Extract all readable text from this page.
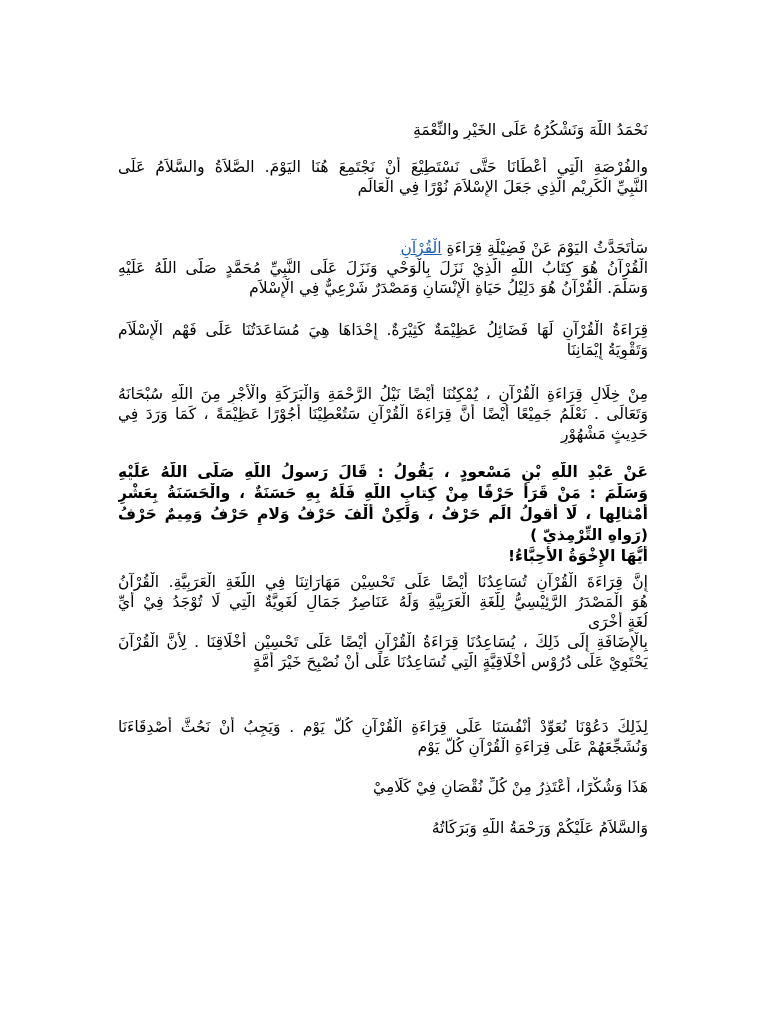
نَحْمَدُ اللَّهَ وَنَشْكُرُهُ عَلَى الخَيْرِ والنِّعْمَةِ
والفُرْصَةِ الَّتِي أَعْطَانَا حَتَّى نَسْتَطِيْعَ أَنْ نَجْتَمِعَ هُنَا اليَوْمَ. الصَّلاَةُ والسَّلاَمُ عَلَى
النَّبِيِّ الْكَرِيْمِ الَّذِي جَعَلَ الإِسْلاَمَ نُوْرًا فِي الْعَالَمِ
سَأَتَحَدَّثُ اليَوْمَ عَنْ فَضِيْلَةِ قِرَاءَةِ الْقُرْآنِ
الْقُرْآنُ هُوَ كِتَابُ اللَّهِ الَّذِيْ نَزَلَ بِالْوَحْيِ وَنَزَلَ عَلَى النَّبِيِّ مُحَمَّدٍ صَلَّى اللَّهُ عَلَيْهِ
وَسَلَّمَ. الْقُرْآنُ هُوَ دَلِيْلُ حَيَاةِ الْإِنْسَانِ وَمَصْدَرٌ شَرْعِيٌّ فِي الْإِسْلاَمِ
قِرَاءَةُ الْقُرْآنِ لَهَا فَضَائِلُ عَظِيْمَةٌ كَثِيْرَةٌ. إِحْدَاهَا هِيَ مُسَاعَدَتُنَا عَلَى فَهْمِ الْإِسْلَاَمِ
وَتَقْوِيَةُ إِيْمَانِنَا
مِنْ خِلَالِ قِرَاءَةِ الْقُرْآنِ ، يُمْكِنُنَا أَيْضًا نَيْلُ الرَّحْمَةِ وَالْبَرَكَةِ والْأَجْرِ مِنَ اللَّهِ سُبْحَانَهُ
وَتَعَالَى . نَعْلَمُ جَمِيْعًا أَيْضًا أَنَّ قِرَاءَةَ الْقُرْآنِ سَتُعْطِيْنَا أُجُوْرًا عَظِيْمَةً ، كَمَا وَرَدَ فِي
حَدِيثٍ مَشْهُوْرٍ
عَنْ عَبْدِ اللَّهِ بْنِ مَسْعودٍ ، يَقُولُ : قَالَ رَسولُ اللَّهِ صَلَّى اللَّهُ عَلَيْهِ
وَسَلَّمَ : مَنْ قَرَأَ حَرْفًا مِنْ كِتابِ اللَّهِ فَلَهُ بِهِ حَسَنَةٌ ، والْحَسَنَةُ بِعَشْرِ
أَمْثالِها ، لَا أَقولُ الَم حَرْفُ ، وَلَكِنْ أَلْفَ حَرْفُ وَلامٍ حَرْفُ وَمِيمٌ حَرْفُ
(رَواهِ التِّرْمِذيّ )
أَيُّهَا الإِخْوَةُ الأَحِبَّاءُ!
إِنَّ قِرَاءَةَ الْقُرْآنِ تُسَاعِدُنَا أَيْضًا عَلَى تَحْسِيْنِ مَهَارَاتِنَا فِي اللُّغَةِ الْعَرَبِيَّةِ. الْقُرْآنُ
هُوَ الْمَصْدَرُ الرَّئِيْسِيُّ لِلُّغَةِ الْعَرَبِيَّةِ وَلَهُ عَنَاصِرُ جَمَالٍ لُغَوِيَّةٌ الَّتِي لَا تُوْجَدُ فِيْ أَيِّ
لُغَةٍ أُخْرَى
بِالْإِضَافَةِ إِلَى ذَلِكَ ، يُسَاعِدُنَا قِرَاءَةُ الْقُرْآنِ أَيْضًا عَلَى تَحْسِيْنِ أَخْلَاقِنَا . لِأَنَّ الْقُرْآنَ
يَحْتَوِيْ عَلَى دُرُوْسٍ أَخْلَاقِيَّةٍ الَّتِي تُسَاعِدُنَا عَلَى أَنْ نُصْبِحَ خَيْرَ أُمَّةٍ
لِذَلِكَ دَعُوْنَا نُعَوِّدْ أَنْفُسَنَا عَلَى قِرَاءَةِ الْقُرْآنِ كُلَّ يَوْمٍ . وَيَجِبُ أَنْ نَحُثَّ أَصْدِقَاءَنَا
وَنُشَجِّعَهُمْ عَلَى قِرَاءَةِ الْقُرْآنِ كُلَّ يَوْمٍ
هَذَا وَشُكْرًا، أَعْتَذِرُ مِنْ كُلِّ نُقْصَانٍ فِيْ كَلَامِيْ
وَالسَّلاَمُ عَلَيْكُمْ وَرَحْمَةُ اللَّهِ وَبَرَكَاتُهُ
